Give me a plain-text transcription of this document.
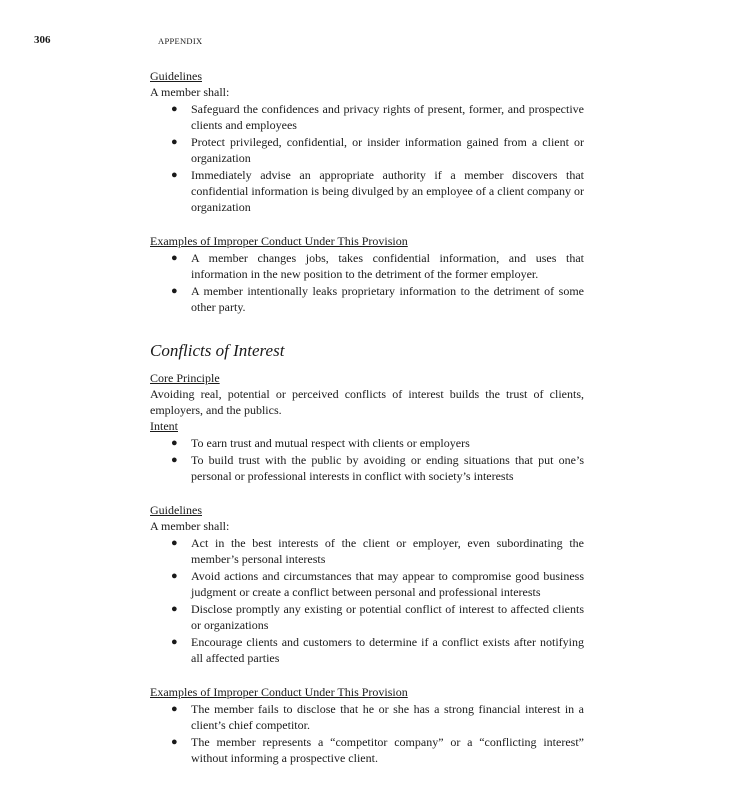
306	APPENDIX

Guidelines

A member shall:

● Safeguard the confidences and privacy rights of present, former, and prospective clients and employees
● Protect privileged, confidential, or insider information gained from a client or organization
● Immediately advise an appropriate authority if a member discovers that confidential information is being divulged by an employee of a client company or organization

Examples of Improper Conduct Under This Provision

● A member changes jobs, takes confidential information, and uses that information in the new position to the detriment of the former employer.
● A member intentionally leaks proprietary information to the detriment of some other party.

Conflicts of Interest

Core Principle

Avoiding real, potential or perceived conflicts of interest builds the trust of clients, employers, and the publics.

Intent

● To earn trust and mutual respect with clients or employers
● To build trust with the public by avoiding or ending situations that put one’s personal or professional interests in conflict with society’s interests

Guidelines

A member shall:

● Act in the best interests of the client or employer, even subordinating the member’s personal interests
● Avoid actions and circumstances that may appear to compromise good business judgment or create a conflict between personal and professional interests
● Disclose promptly any existing or potential conflict of interest to affected clients or organizations
● Encourage clients and customers to determine if a conflict exists after notifying all affected parties

Examples of Improper Conduct Under This Provision

● The member fails to disclose that he or she has a strong financial interest in a client’s chief competitor.
● The member represents a “competitor company” or a “conflicting interest” without informing a prospective client.
